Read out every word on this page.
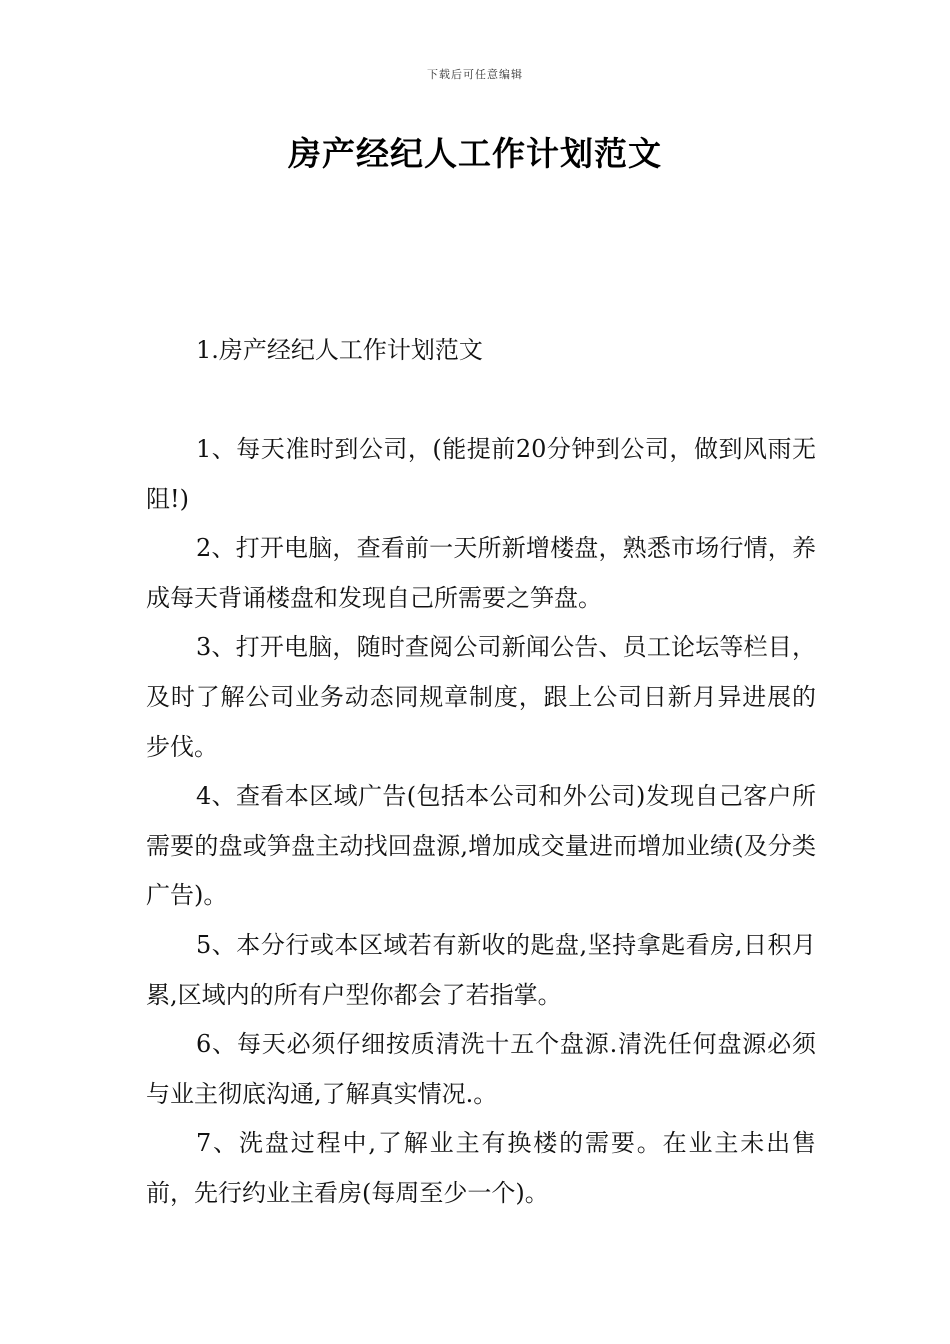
下载后可任意编辑
房产经纪人工作计划范文
1.房产经纪人工作计划范文

1、每天准时到公司，(能提前20分钟到公司，做到风雨无阻!)

2、打开电脑，查看前一天所新增楼盘，熟悉市场行情，养成每天背诵楼盘和发现自己所需要之笋盘。

3、打开电脑，随时查阅公司新闻公告、员工论坛等栏目，及时了解公司业务动态同规章制度，跟上公司日新月异进展的步伐。

4、查看本区域广告(包括本公司和外公司)发现自己客户所需要的盘或笋盘主动找回盘源,增加成交量进而增加业绩(及分类广告)。

5、本分行或本区域若有新收的匙盘,坚持拿匙看房,日积月累,区域内的所有户型你都会了若指掌。

6、每天必须仔细按质清洗十五个盘源.清洗任何盘源必须与业主彻底沟通,了解真实情况.。

7、洗盘过程中,了解业主有换楼的需要。在业主未出售前，先行约业主看房(每周至少一个)。
